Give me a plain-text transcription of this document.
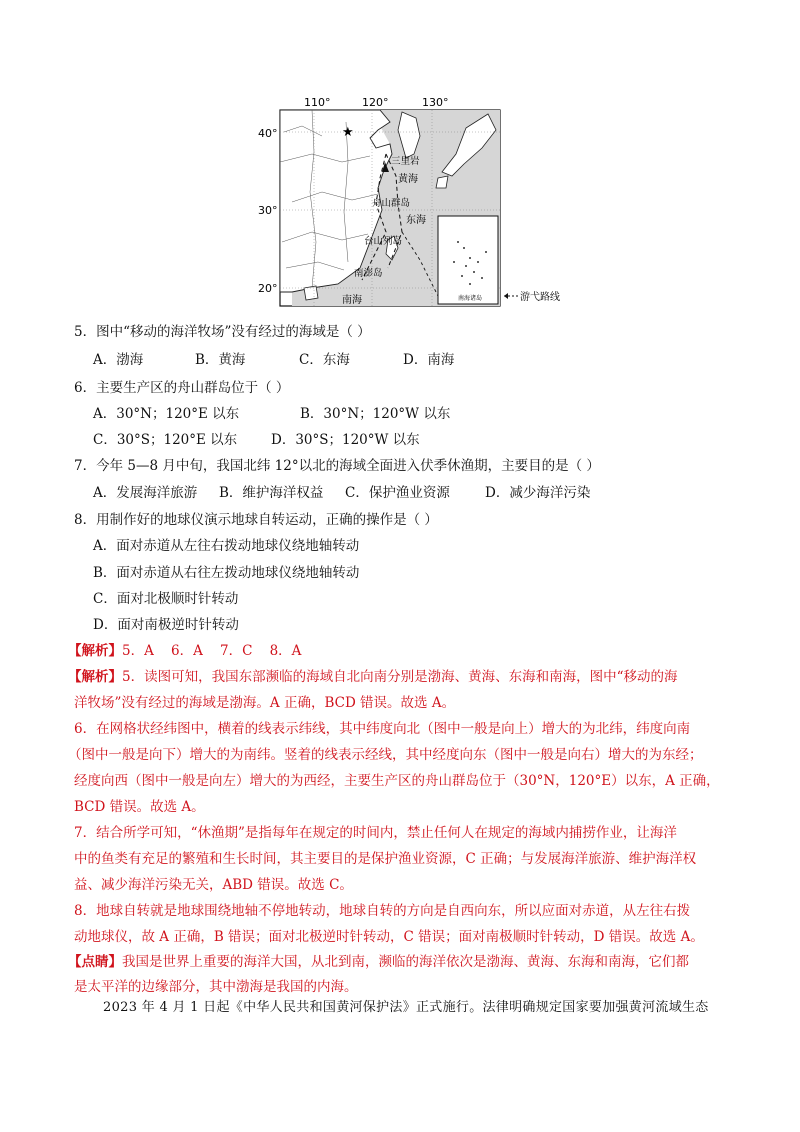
110°	120°	130°
40°
30°
20°
★
三里岩
黄海
舟山群岛
东海
台山列岛
南澎岛
南海	南海诸岛	游弋路线
5．图中“移动的海洋牧场”没有经过的海域是（ ）
A．渤海	B．黄海	C．东海	D．南海
6．主要生产区的舟山群岛位于（ ）
A．30°N；120°E 以东	B．30°N；120°W 以东
C．30°S；120°E 以东	D．30°S；120°W 以东
7．今年 5—8 月中旬，我国北纬 12°以北的海域全面进入伏季休渔期，主要目的是（ ）
A．发展海洋旅游 B．维护海洋权益 C．保护渔业资源	D．减少海洋污染
8．用制作好的地球仪演示地球自转运动，正确的操作是（ ）
A．面对赤道从左往右拨动地球仪绕地轴转动
B．面对赤道从右往左拨动地球仪绕地轴转动
C．面对北极顺时针转动
D．面对南极逆时针转动
【解析】5．A    6．A    7．C    8．A
【解析】5．读图可知，我国东部濒临的海域自北向南分别是渤海、黄海、东海和南海，图中“移动的海
洋牧场”没有经过的海域是渤海。A 正确，BCD 错误。故选 A。
6．在网格状经纬图中，横着的线表示纬线，其中纬度向北（图中一般是向上）增大的为北纬，纬度向南
（图中一般是向下）增大的为南纬。竖着的线表示经线，其中经度向东（图中一般是向右）增大的为东经；
经度向西（图中一般是向左）增大的为西经，主要生产区的舟山群岛位于（30°N，120°E）以东，A 正确，
BCD 错误。故选 A。
7．结合所学可知，“休渔期”是指每年在规定的时间内，禁止任何人在规定的海域内捕捞作业，让海洋
中的鱼类有充足的繁殖和生长时间，其主要目的是保护渔业资源，C 正确；与发展海洋旅游、维护海洋权
益、减少海洋污染无关，ABD 错误。故选 C。
8．地球自转就是地球围绕地轴不停地转动，地球自转的方向是自西向东，所以应面对赤道，从左往右拨
动地球仪，故 A 正确，B 错误；面对北极逆时针转动，C 错误；面对南极顺时针转动，D 错误。故选 A。
【点睛】我国是世界上重要的海洋大国，从北到南，濒临的海洋依次是渤海、黄海、东海和南海，它们都
是太平洋的边缘部分，其中渤海是我国的内海。
2023 年 4 月 1 日起《中华人民共和国黄河保护法》正式施行。法律明确规定国家要加强黄河流域生态
